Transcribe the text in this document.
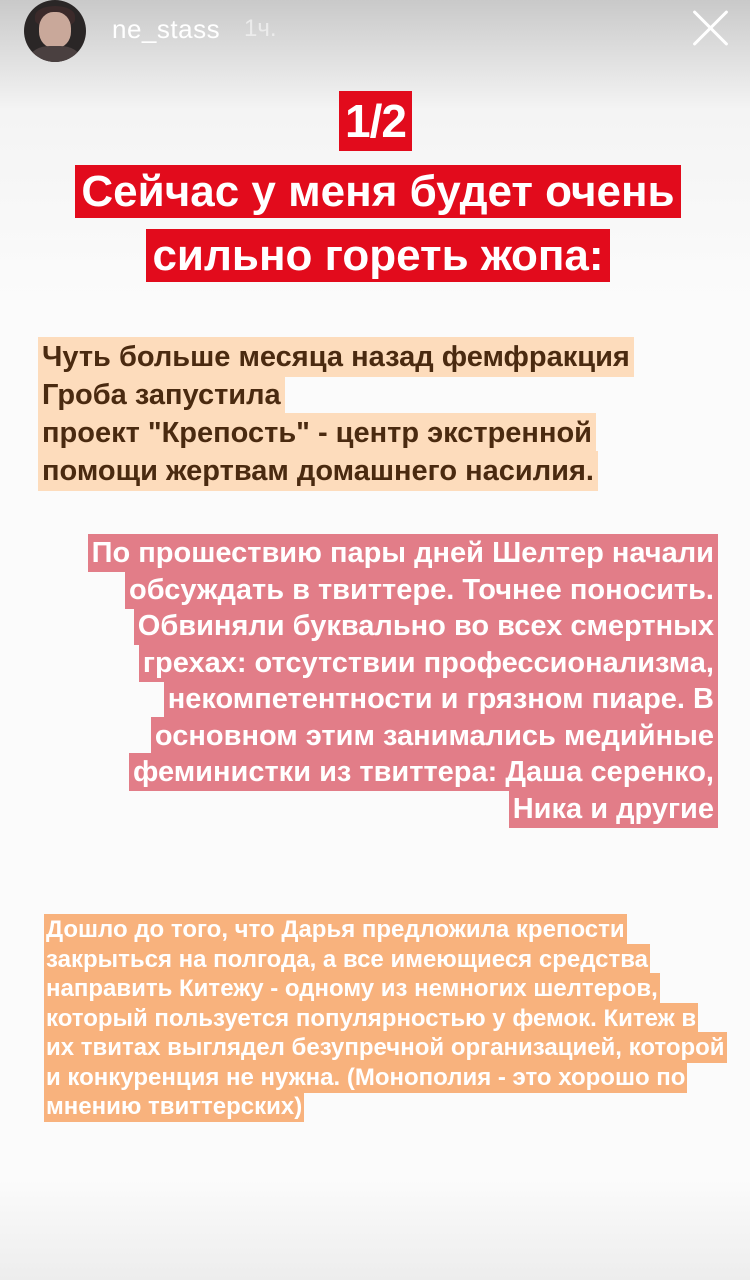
ne_stass 1ч.
1/2
Сейчас у меня будет очень
сильно гореть жопа:
Чуть больше месяца назад фемфракция
Гроба запустила
проект "Крепость" - центр экстренной
помощи жертвам домашнего насилия.
По прошествию пары дней Шелтер начали
обсуждать в твиттере. Точнее поносить.
Обвиняли буквально во всех смертных
грехах: отсутствии профессионализма,
некомпетентности и грязном пиаре. В
основном этим занимались медийные
феминистки из твиттера: Даша серенко,
Ника и другие
Дошло до того, что Дарья предложила крепости
закрыться на полгода, а все имеющиеся средства
направить Китежу - одному из немногих шелтеров,
который пользуется популярностью у фемок. Китеж в
их твитах выглядел безупречной организацией, которой
и конкуренция не нужна. (Монополия - это хорошо по
мнению твиттерских)
